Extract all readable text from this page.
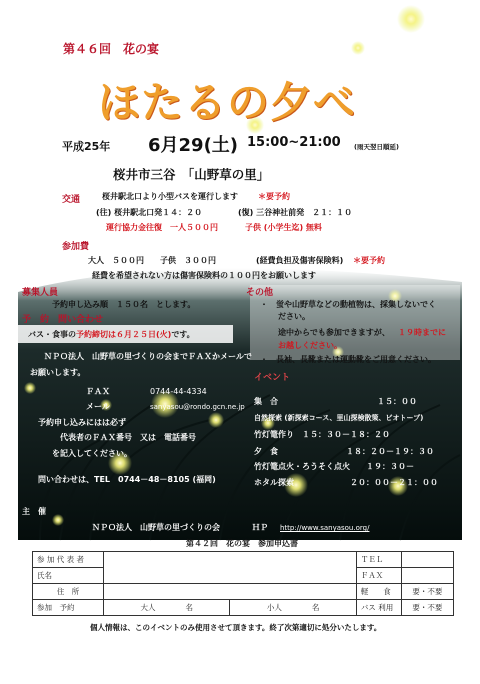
第４６回　花の宴
ほたるの夕べ
平成25年 6月29(土) 15:00~21:00 (雨天翌日順延)
桜井市三谷　「山野草の里」
交通	桜井駅北口より小型バスを運行します	＊要予約
(往) 桜井駅北口発１４：２０	(復) 三谷神社前発　２１：１０
運行協力金往復　一人５００円	子供 (小学生迄) 無料
参加費
大人　５００円　　子供　３００円	(経費負担及傷害保険料) ＊要予約
経費を希望されない方は傷害保険料の１００円をお願いします
募集人員
予約申し込み順　１５０名　とします。
その他
・　蛍や山野草などの動植物は、採集しないでく
ださい。
途中からでも参加できますが、 １９時までに
お越しください。
・　長袖、長靴または運動靴をご用意ください。
予　約　問い合わせ
バス・食事の予約締切は６月２５日(火)です。
ＮＰＯ法人　山野草の里づくりの会までＦＡＸかメールで
お願いします。
ＦＡＸ	0744-44-4334
メール	sanyasou@rondo.gcn.ne.jp
予約申し込みにはは必ず
代表者のＦＡＸ番号　又は　電話番号
を記入してください。
問い合わせは、TEL　0744－48－8105 (福岡)
イベント
集　合	１５：００
自然探索 (新探索コース、里山探検散策、ビオトープ)
竹灯篭作り　１５：３０－１８：２０
夕　食	１８：２０－１９：３０
竹灯篭点火・ろうそく点火 １９：３０－
ホタル探索	２０：００－２１：００
主　催
ＮＰＯ法人　山野草の里づくりの会	ＨＰ http://www.sanyasou.org/
第４２回　花の宴　参加申込書
参 加 代 表 者			ＴＥＬ	
氏名			ＦＡＸ	
住　所			軽　　食	要・不要
参加　予約	大人　　　　名	小人　　　　名	バス 利用	要・不要
個人情報は、このイベントのみ使用させて頂きます。終了次第適切に処分いたします。
